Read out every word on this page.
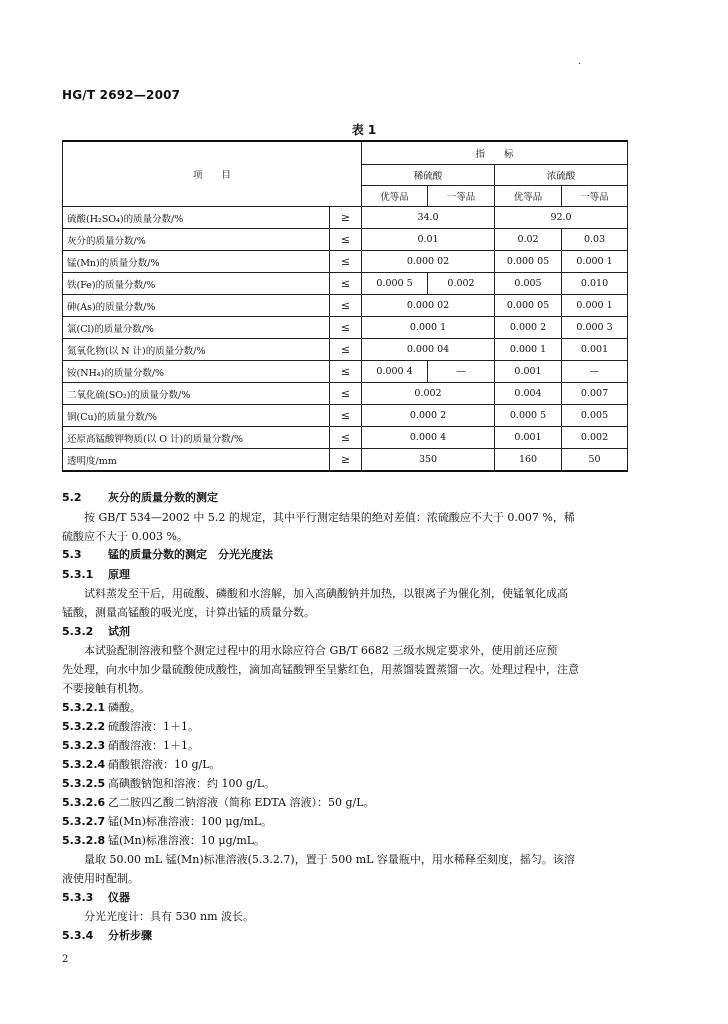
.
HG/T 2692—2007
表 1
项　　目		指　　标			
		稀硫酸		浓硫酸	
		优等品	一等品	优等品	一等品
硫酸(H₂SO₄)的质量分数/%	≥	34.0		92.0	
灰分的质量分数/%	≤	0.01		0.02	0.03
锰(Mn)的质量分数/%	≤	0.000 02		0.000 05	0.000 1
铁(Fe)的质量分数/%	≤	0.000 5	0.002	0.005	0.010
砷(As)的质量分数/%	≤	0.000 02		0.000 05	0.000 1
氯(Cl)的质量分数/%	≤	0.000 1		0.000 2	0.000 3
氮氧化物(以 N 计)的质量分数/%	≤	0.000 04		0.000 1	0.001
铵(NH₄)的质量分数/%	≤	0.000 4	—	0.001	—
二氧化硫(SO₂)的质量分数/%	≤	0.002		0.004	0.007
铜(Cu)的质量分数/%	≤	0.000 2		0.000 5	0.005
还原高锰酸钾物质(以 O 计)的质量分数/%	≤	0.000 4		0.001	0.002
透明度/mm	≥	350		160	50
5.2 灰分的质量分数的测定
按 GB/T 534—2002 中 5.2 的规定，其中平行测定结果的绝对差值：浓硫酸应不大于 0.007 %，稀
硫酸应不大于 0.003 %。
5.3 锰的质量分数的测定　分光光度法
5.3.1 原理
试料蒸发至干后，用硫酸、磷酸和水溶解，加入高碘酸钠并加热，以银离子为催化剂，使锰氧化成高
锰酸，测量高锰酸的吸光度，计算出锰的质量分数。
5.3.2 试剂
本试验配制溶液和整个测定过程中的用水除应符合 GB/T 6682 三级水规定要求外，使用前还应预
先处理，向水中加少量硫酸使成酸性，滴加高锰酸钾至呈紫红色，用蒸馏装置蒸馏一次。处理过程中，注意
不要接触有机物。
5.3.2.1 磷酸。
5.3.2.2 硫酸溶液：1＋1。
5.3.2.3 硝酸溶液：1＋1。
5.3.2.4 硝酸银溶液：10 g/L。
5.3.2.5 高碘酸钠饱和溶液：约 100 g/L。
5.3.2.6 乙二胺四乙酸二钠溶液（简称 EDTA 溶液）：50 g/L。
5.3.2.7 锰(Mn)标准溶液：100 μg/mL。
5.3.2.8 锰(Mn)标准溶液：10 μg/mL。
量取 50.00 mL 锰(Mn)标准溶液(5.3.2.7)，置于 500 mL 容量瓶中，用水稀释至刻度，摇匀。该溶
液使用时配制。
5.3.3 仪器
分光光度计：具有 530 nm 波长。
5.3.4 分析步骤
2
